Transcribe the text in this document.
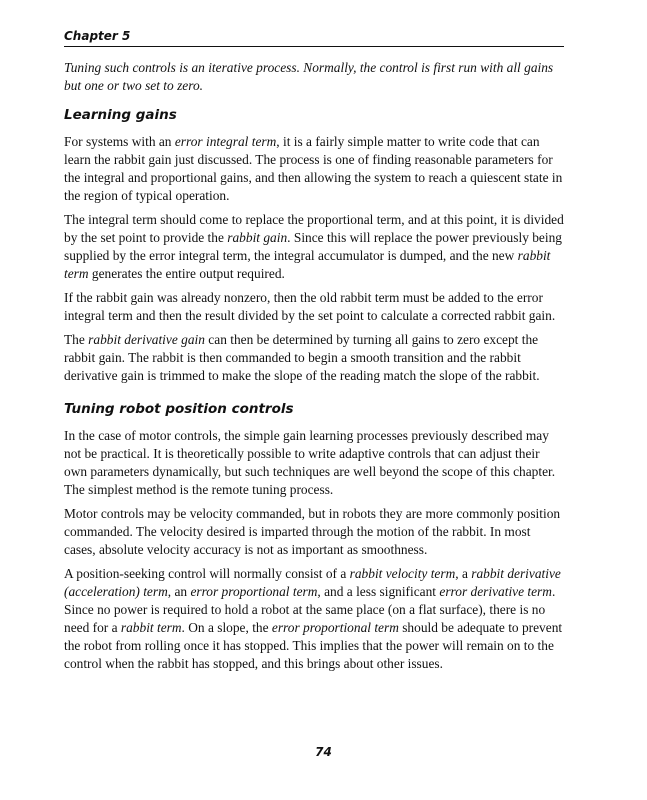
Chapter 5

Tuning such controls is an iterative process. Normally, the control is first run with all gains but one or two set to zero.

Learning gains

For systems with an error integral term, it is a fairly simple matter to write code that can learn the rabbit gain just discussed. The process is one of finding reasonable parameters for the integral and proportional gains, and then allowing the system to reach a quiescent state in the region of typical operation.

The integral term should come to replace the proportional term, and at this point, it is divided by the set point to provide the rabbit gain. Since this will replace the power previously being supplied by the error integral term, the integral accumulator is dumped, and the new rabbit term generates the entire output required.

If the rabbit gain was already nonzero, then the old rabbit term must be added to the error integral term and then the result divided by the set point to calculate a corrected rabbit gain.

The rabbit derivative gain can then be determined by turning all gains to zero except the rabbit gain. The rabbit is then commanded to begin a smooth transition and the rabbit derivative gain is trimmed to make the slope of the reading match the slope of the rabbit.

Tuning robot position controls

In the case of motor controls, the simple gain learning processes previously described may not be practical. It is theoretically possible to write adaptive controls that can adjust their own parameters dynamically, but such techniques are well beyond the scope of this chapter. The simplest method is the remote tuning process.

Motor controls may be velocity commanded, but in robots they are more commonly position commanded. The velocity desired is imparted through the motion of the rabbit. In most cases, absolute velocity accuracy is not as important as smoothness.

A position-seeking control will normally consist of a rabbit velocity term, a rabbit derivative (acceleration) term, an error proportional term, and a less significant error derivative term. Since no power is required to hold a robot at the same place (on a flat surface), there is no need for a rabbit term. On a slope, the error proportional term should be adequate to prevent the robot from rolling once it has stopped. This implies that the power will remain on to the control when the rabbit has stopped, and this brings about other issues.

74
